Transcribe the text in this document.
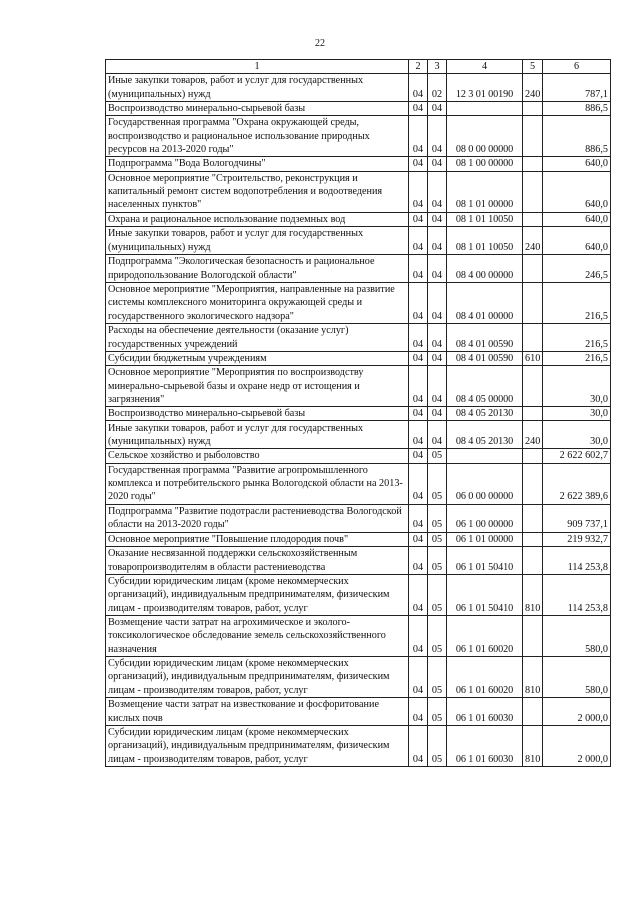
22
1	2	3	4	5	6
Иные закупки товаров, работ и услуг для государственных (муниципальных) нужд	04	02	12 3 01 00190	240	787,1
Воспроизводство минерально-сырьевой базы	04	04			886,5
Государственная программа "Охрана окружающей среды, воспроизводство и рациональное использование природных ресурсов на 2013-2020 годы"	04	04	08 0 00 00000		886,5
Подпрограмма "Вода Вологодчины"	04	04	08 1 00 00000		640,0
Основное мероприятие "Строительство, реконструкция и капитальный ремонт систем водопотребления и водоотведения населенных пунктов"	04	04	08 1 01 00000		640,0
Охрана и рациональное использование подземных вод	04	04	08 1 01 10050		640,0
Иные закупки товаров, работ и услуг для государственных (муниципальных) нужд	04	04	08 1 01 10050	240	640,0
Подпрограмма "Экологическая безопасность и рациональное природопользование Вологодской области"	04	04	08 4 00 00000		246,5
Основное мероприятие "Мероприятия, направленные на развитие системы комплексного мониторинга окружающей среды и государственного экологического надзора"	04	04	08 4 01 00000		216,5
Расходы на обеспечение деятельности (оказание услуг) государственных учреждений	04	04	08 4 01 00590		216,5
Субсидии бюджетным учреждениям	04	04	08 4 01 00590	610	216,5
Основное мероприятие "Мероприятия по воспроизводству минерально-сырьевой базы и охране недр от истощения и загрязнения"	04	04	08 4 05 00000		30,0
Воспроизводство минерально-сырьевой базы	04	04	08 4 05 20130		30,0
Иные закупки товаров, работ и услуг для государственных (муниципальных) нужд	04	04	08 4 05 20130	240	30,0
Сельское хозяйство и рыболовство	04	05			2 622 602,7
Государственная программа "Развитие агропромышленного комплекса и потребительского рынка Вологодской области на 2013-2020 годы"	04	05	06 0 00 00000		2 622 389,6
Подпрограмма "Развитие подотрасли растениеводства Вологодской области на 2013-2020 годы"	04	05	06 1 00 00000		909 737,1
Основное мероприятие "Повышение плодородия почв"	04	05	06 1 01 00000		219 932,7
Оказание несвязанной поддержки сельскохозяйственным товаропроизводителям в области растениеводства	04	05	06 1 01 50410		114 253,8
Субсидии юридическим лицам (кроме некоммерческих организаций), индивидуальным предпринимателям, физическим лицам - производителям товаров, работ, услуг	04	05	06 1 01 50410	810	114 253,8
Возмещение части затрат на агрохимическое и эколого-токсикологическое обследование земель сельскохозяйственного назначения	04	05	06 1 01 60020		580,0
Субсидии юридическим лицам (кроме некоммерческих организаций), индивидуальным предпринимателям, физическим лицам - производителям товаров, работ, услуг	04	05	06 1 01 60020	810	580,0
Возмещение части затрат на известкование и фосфоритование кислых почв	04	05	06 1 01 60030		2 000,0
Субсидии юридическим лицам (кроме некоммерческих организаций), индивидуальным предпринимателям, физическим лицам - производителям товаров, работ, услуг	04	05	06 1 01 60030	810	2 000,0
